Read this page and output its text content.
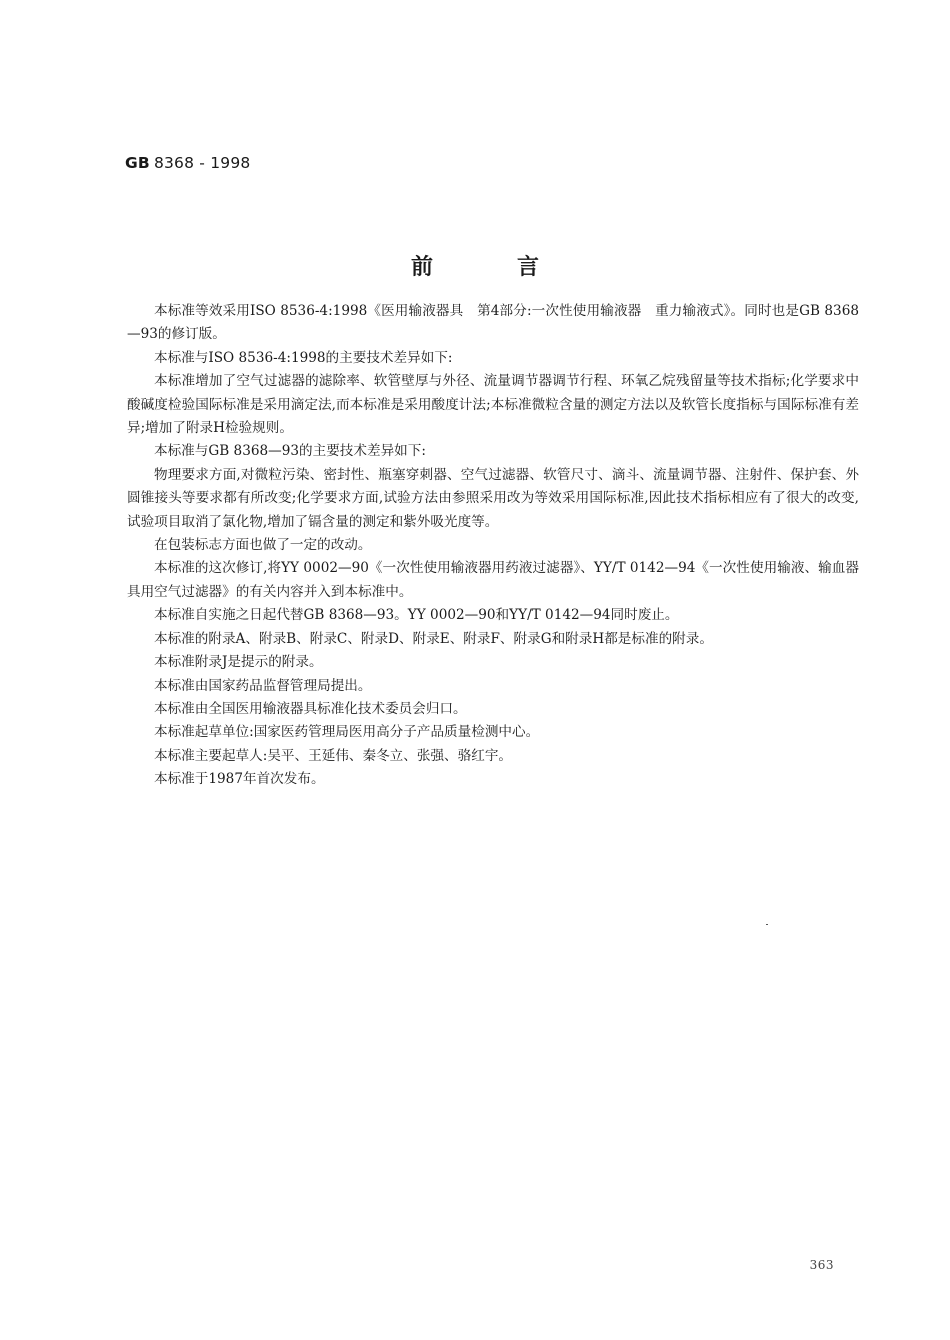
GB 8368 - 1998
前言

本标准等效采用ISO 8536-4:1998《医用输液器具　第4部分:一次性使用输液器　重力输液式》。同时也是GB 8368—93的修订版。

本标准与ISO 8536-4:1998的主要技术差异如下:

本标准增加了空气过滤器的滤除率、软管壁厚与外径、流量调节器调节行程、环氧乙烷残留量等技术指标;化学要求中酸碱度检验国际标准是采用滴定法,而本标准是采用酸度计法;本标准微粒含量的测定方法以及软管长度指标与国际标准有差异;增加了附录H检验规则。

本标准与GB 8368—93的主要技术差异如下:

物理要求方面,对微粒污染、密封性、瓶塞穿刺器、空气过滤器、软管尺寸、滴斗、流量调节器、注射件、保护套、外圆锥接头等要求都有所改变;化学要求方面,试验方法由参照采用改为等效采用国际标准,因此技术指标相应有了很大的改变,试验项目取消了氯化物,增加了镉含量的测定和紫外吸光度等。

在包装标志方面也做了一定的改动。

本标准的这次修订,将YY 0002—90《一次性使用输液器用药液过滤器》、YY/T 0142—94《一次性使用输液、输血器具用空气过滤器》的有关内容并入到本标准中。

本标准自实施之日起代替GB 8368—93。YY 0002—90和YY/T 0142—94同时废止。

本标准的附录A、附录B、附录C、附录D、附录E、附录F、附录G和附录H都是标准的附录。

本标准附录J是提示的附录。

本标准由国家药品监督管理局提出。

本标准由全国医用输液器具标准化技术委员会归口。

本标准起草单位:国家医药管理局医用高分子产品质量检测中心。

本标准主要起草人:吴平、王延伟、秦冬立、张强、骆红宇。

本标准于1987年首次发布。

363
